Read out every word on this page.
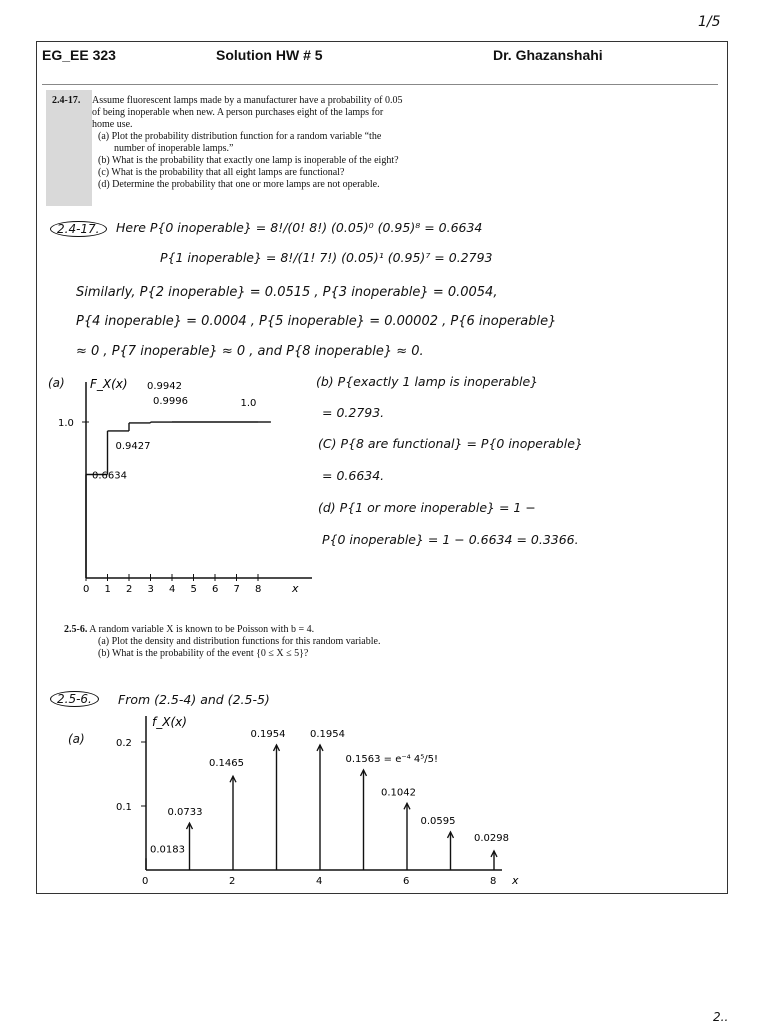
1/5
2..
EG_EE 323	Solution HW # 5	Dr. Ghazanshahi
2.4-17. Assume fluorescent lamps made by a manufacturer have a probability of 0.05
of being inoperable when new. A person purchases eight of the lamps for
home use.
(a) Plot the probability distribution function for a random variable “the
number of inoperable lamps.”
(b) What is the probability that exactly one lamp is inoperable of the eight?
(c) What is the probability that all eight lamps are functional?
(d) Determine the probability that one or more lamps are not operable.
2.4-17.	Here P{0 inoperable} = 8!/(0! 8!) (0.05)⁰ (0.95)⁸ = 0.6634
P{1 inoperable} = 8!/(1! 7!) (0.05)¹ (0.95)⁷ = 0.2793
Similarly, P{2 inoperable} = 0.0515 , P{3 inoperable} = 0.0054,
P{4 inoperable} = 0.0004 , P{5 inoperable} = 0.00002 , P{6 inoperable}
≈ 0 , P{7 inoperable} ≈ 0 , and P{8 inoperable} ≈ 0.
(a) F_X(x)
x
0 1 2 3 4 5 6 7 8
1.0
0.6634
0.9427
0.9942
0.9996	1.0
(b) P{exactly 1 lamp is inoperable}
= 0.2793.
(C) P{8 are functional} = P{0 inoperable}
= 0.6634.
(d) P{1 or more inoperable} = 1 −
P{0 inoperable} = 1 − 0.6634 = 0.3366.
2.5-6. A random variable X is known to be Poisson with b = 4.
(a) Plot the density and distribution functions for this random variable.
(b) What is the probability of the event {0 ≤ X ≤ 5}?
2.5-6.	From (2.5-4) and (2.5-5)
(a)
f_X(x)
x
0.1
0.2
0	2	4	6	8
0.0183
0.0733
0.1465
0.1954 0.1954
0.1563 = e⁻⁴ 4⁵/5!
0.1042
0.0595
0.0298
